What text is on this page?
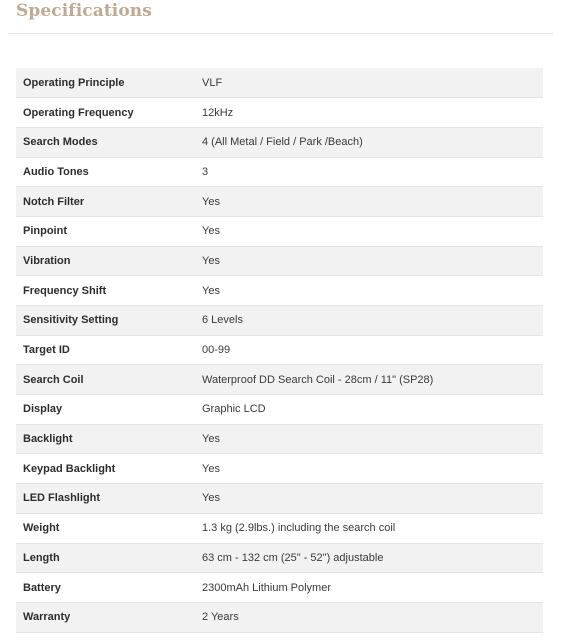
Specifications
Operating Principle	VLF
Operating Frequency	12kHz
Search Modes	4 (All Metal / Field / Park /Beach)
Audio Tones	3
Notch Filter	Yes
Pinpoint	Yes
Vibration	Yes
Frequency Shift	Yes
Sensitivity Setting	6 Levels
Target ID	00-99
Search Coil	Waterproof DD Search Coil - 28cm / 11" (SP28)
Display	Graphic LCD
Backlight	Yes
Keypad Backlight	Yes
LED Flashlight	Yes
Weight	1.3 kg (2.9lbs.) including the search coil
Length	63 cm - 132 cm (25" - 52") adjustable
Battery	2300mAh Lithium Polymer
Warranty	2 Years
